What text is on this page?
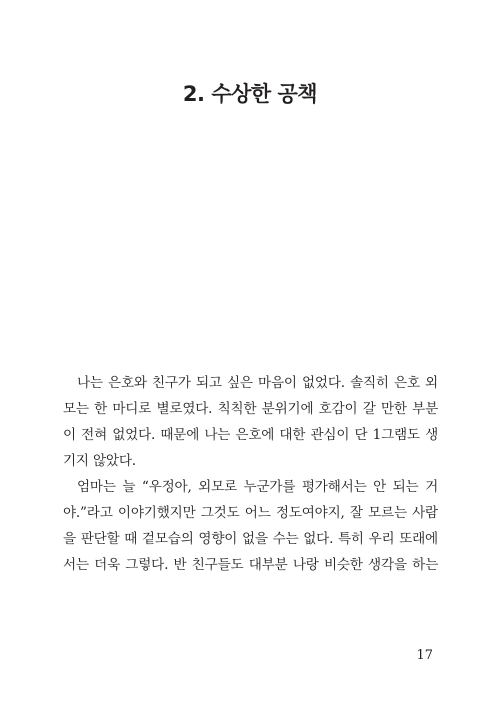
2. 수상한 공책
나는 은호와 친구가 되고 싶은 마음이 없었다. 솔직히 은호 외
모는 한 마디로 별로였다. 칙칙한 분위기에 호감이 갈 만한 부분
이 전혀 없었다. 때문에 나는 은호에 대한 관심이 단 1그램도 생
기지 않았다.
엄마는 늘 “우정아, 외모로 누군가를 평가해서는 안 되는 거
야.”라고 이야기했지만 그것도 어느 정도여야지, 잘 모르는 사람
을 판단할 때 겉모습의 영향이 없을 수는 없다. 특히 우리 또래에
서는 더욱 그렇다. 반 친구들도 대부분 나랑 비슷한 생각을 하는

17
